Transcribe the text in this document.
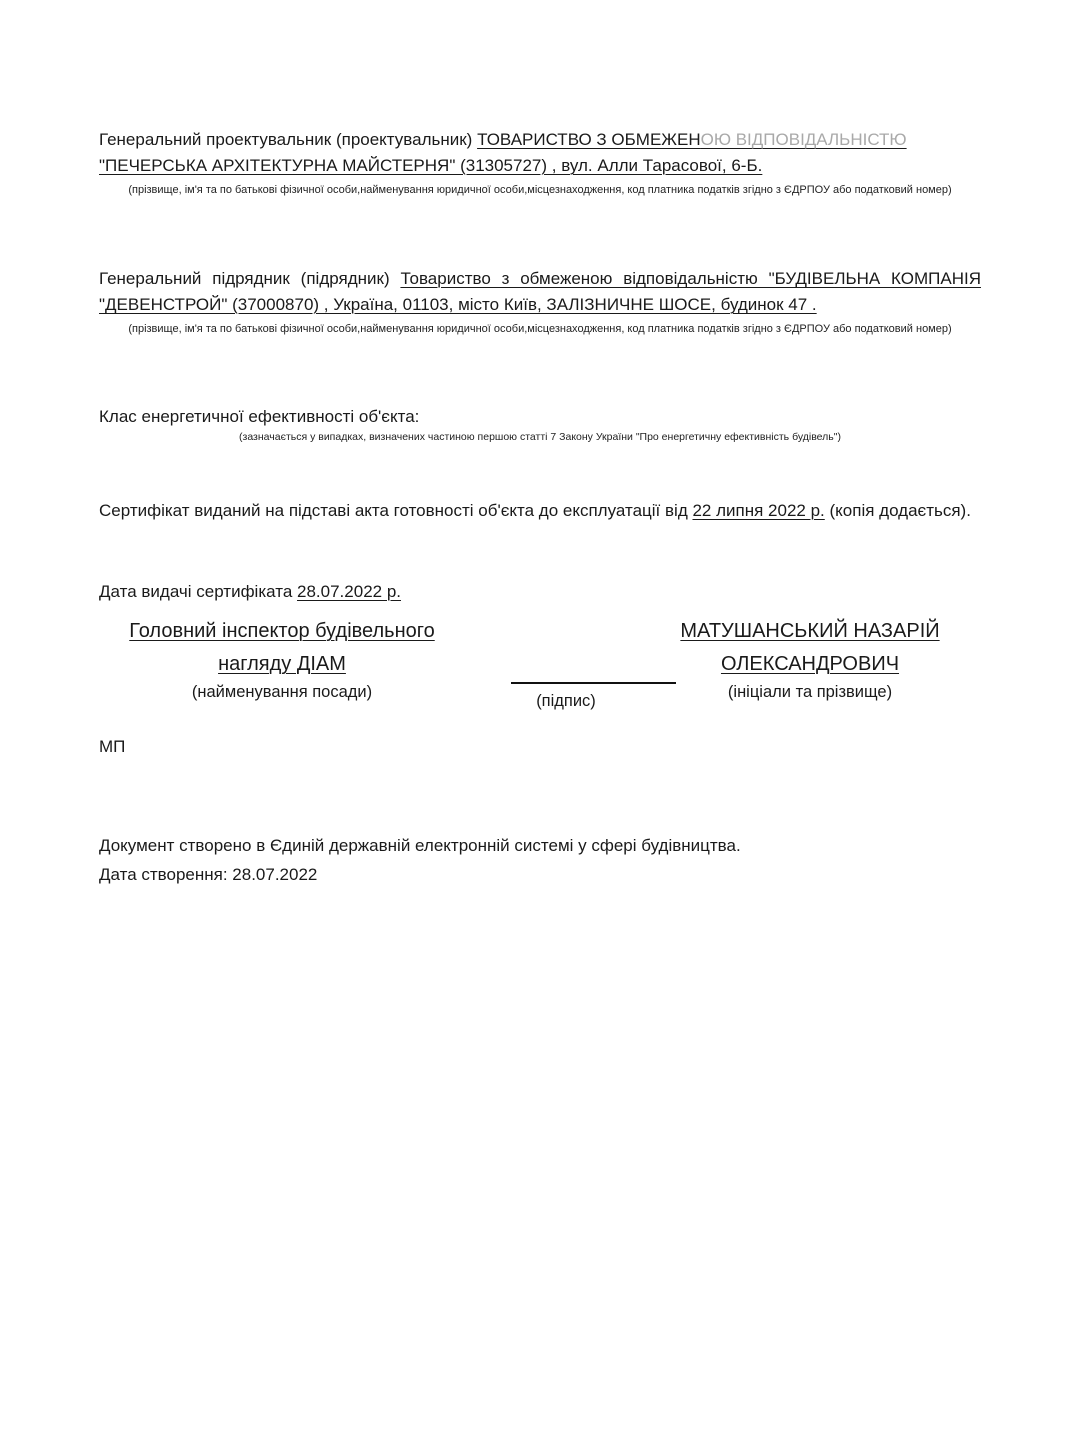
Генеральний проектувальник (проектувальник) ТОВАРИСТВО З ОБМЕЖЕНОЮ ВІДПОВІДАЛЬНІСТЮ
"ПЕЧЕРСЬКА АРХІТЕКТУРНА МАЙСТЕРНЯ" (31305727) , вул. Алли Тарасової, 6-Б.
(прізвище, ім'я та по батькові фізичної особи,найменування юридичної особи,місцезнаходження, код платника податків згідно з ЄДРПОУ або податковий номер)
Генеральний підрядник (підрядник) Товариство з обмеженою відповідальністю "БУДІВЕЛЬНА КОМПАНІЯ "ДЕВЕНСТРОЙ" (37000870) , Україна, 01103, місто Київ, ЗАЛІЗНИЧНЕ ШОСЕ, будинок 47 .
(прізвище, ім'я та по батькові фізичної особи,найменування юридичної особи,місцезнаходження, код платника податків згідно з ЄДРПОУ або податковий номер)
Клас енергетичної ефективності об'єкта:
(зазначається у випадках, визначених частиною першою статті 7 Закону України "Про енергетичну ефективність будівель")
Сертифікат виданий на підставі акта готовності об'єкта до експлуатації від 22 липня 2022 р. (копія додається).
Дата видачі сертифіката 28.07.2022 р.
Головний інспектор будівельного
нагляду ДІАМ
(найменування посади)	(підпис)
МАТУШАНСЬКИЙ НАЗАРІЙ
ОЛЕКСАНДРОВИЧ
(ініціали та прізвище)
МП
Документ створено в Єдиній державній електронній системі у сфері будівництва.
Дата створення: 28.07.2022
